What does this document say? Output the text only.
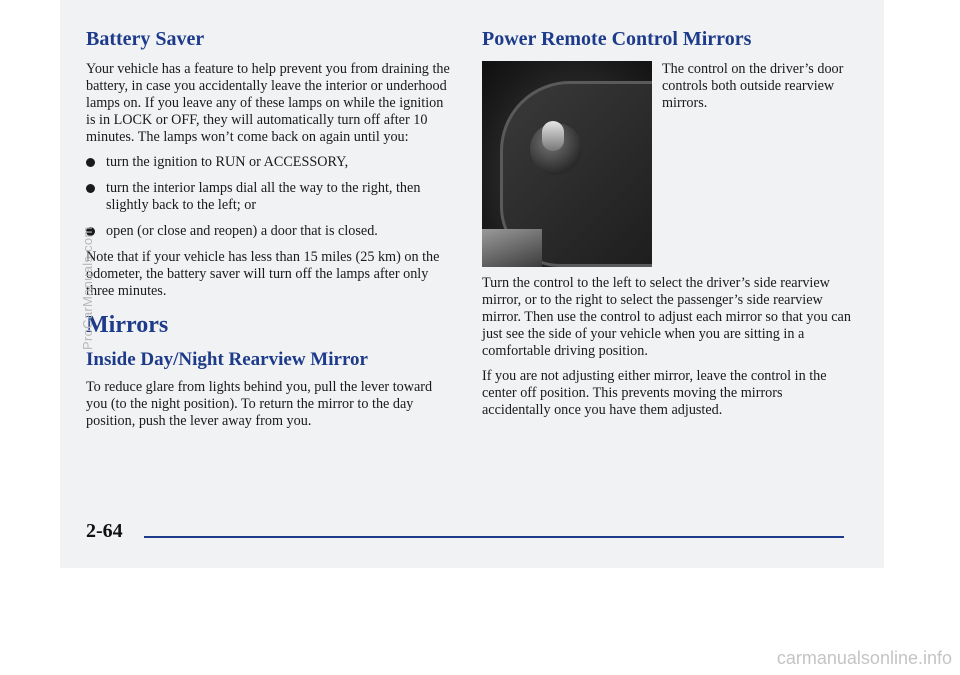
Battery Saver

Your vehicle has a feature to help prevent you from draining the battery, in case you accidentally leave the interior or underhood lamps on. If you leave any of these lamps on while the ignition is in LOCK or OFF, they will automatically turn off after 10 minutes. The lamps won’t come back on again until you:

turn the ignition to RUN or ACCESSORY,
turn the interior lamps dial all the way to the right, then slightly back to the left; or
open (or close and reopen) a door that is closed.

Note that if your vehicle has less than 15 miles (25 km) on the odometer, the battery saver will turn off the lamps after only three minutes.

Mirrors
Inside Day/Night Rearview Mirror

To reduce glare from lights behind you, pull the lever toward you (to the night position). To return the mirror to the day position, push the lever away from you.

Power Remote Control Mirrors
The control on the driver’s door controls both outside rearview mirrors.

Turn the control to the left to select the driver’s side rearview mirror, or to the right to select the passenger’s side rearview mirror. Then use the control to adjust each mirror so that you can just see the side of your vehicle when you are sitting in a comfortable driving position.

If you are not adjusting either mirror, leave the control in the center off position. This prevents moving the mirrors accidentally once you have them adjusted.

2-64
ProCarManuals.com
carmanualsonline.info
